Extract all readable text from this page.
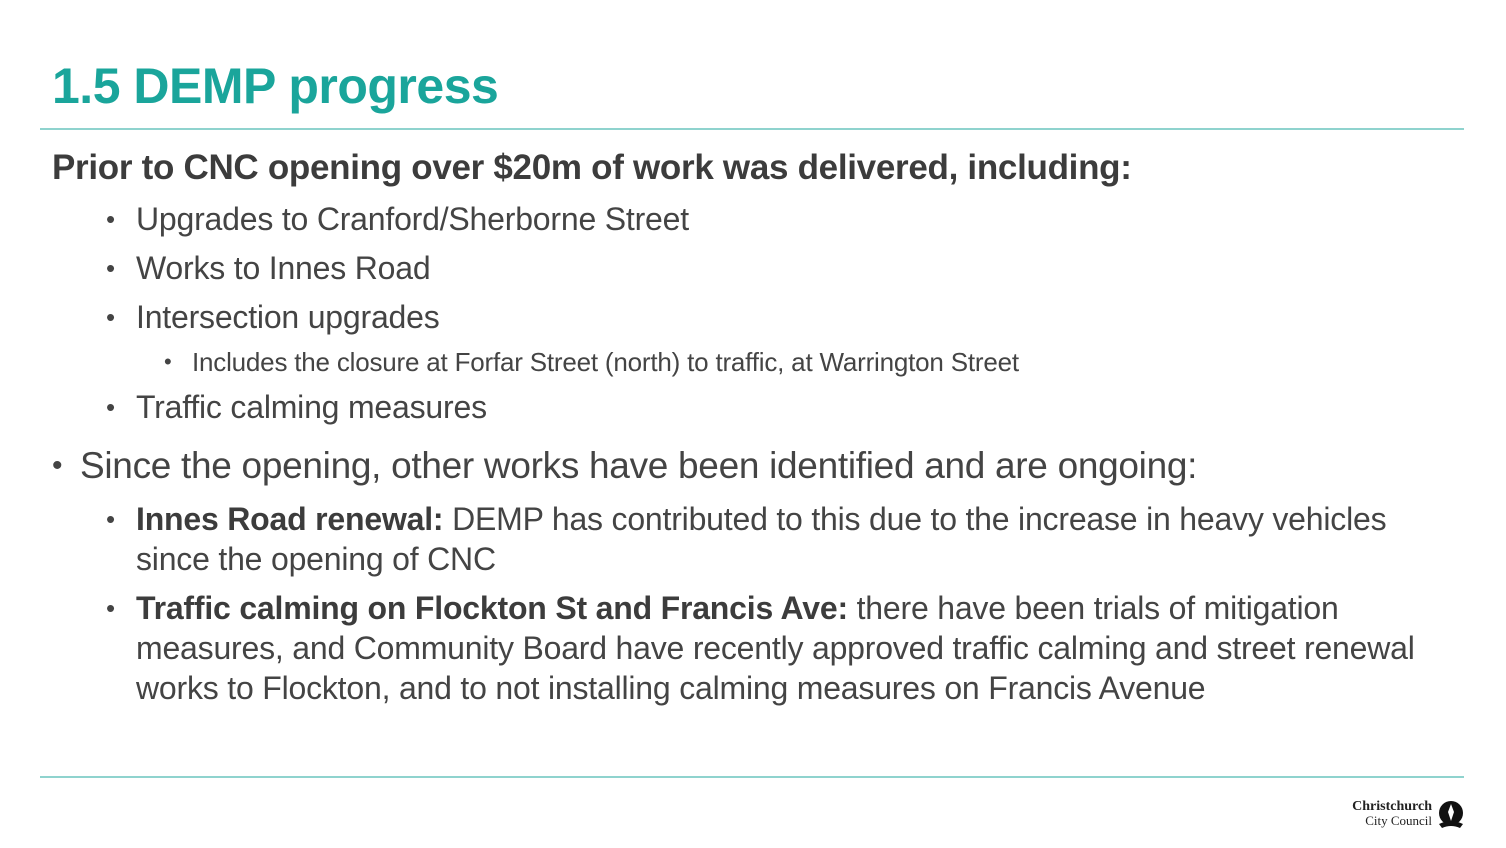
1.5 DEMP progress

Prior to CNC opening over $20m of work was delivered, including:

• Upgrades to Cranford/Sherborne Street
• Works to Innes Road
• Intersection upgrades
• Includes the closure at Forfar Street (north) to traffic, at Warrington Street
• Traffic calming measures
• Since the opening, other works have been identified and are ongoing:
• Innes Road renewal: DEMP has contributed to this due to the increase in heavy vehicles since the opening of CNC
• Traffic calming on Flockton St and Francis Ave: there have been trials of mitigation measures, and Community Board have recently approved traffic calming and street renewal works to Flockton, and to not installing calming measures on Francis Avenue
Christchurch
City Council
